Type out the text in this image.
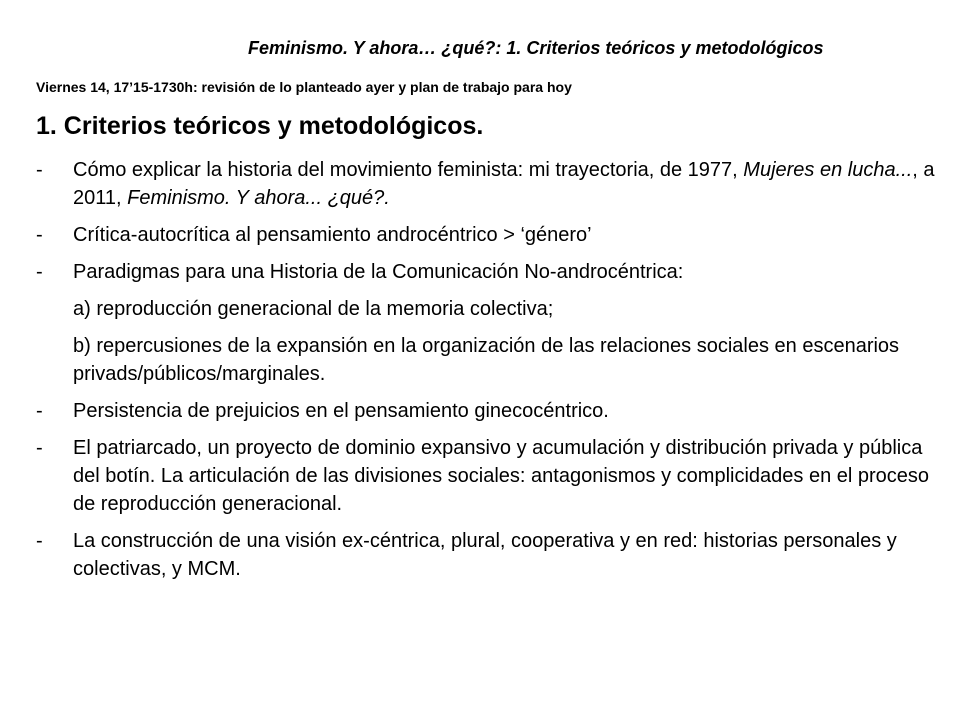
Feminismo. Y ahora… ¿qué?: 1. Criterios teóricos y metodológicos
Viernes 14, 17’15-1730h: revisión de lo planteado ayer y plan de trabajo para hoy
1. Criterios teóricos y metodológicos.
- Cómo explicar la historia del movimiento feminista: mi trayectoria, de 1977, Mujeres en lucha..., a 2011, Feminismo. Y ahora... ¿qué?.
- Crítica-autocrítica al pensamiento androcéntrico > ‘género’
- Paradigmas para una Historia de la Comunicación No-androcéntrica:
a) reproducción generacional de la memoria colectiva;
b) repercusiones de la expansión en la organización de las relaciones sociales en escenarios privads/públicos/marginales.
- Persistencia de prejuicios en el pensamiento ginecocéntrico.
- El patriarcado, un proyecto de dominio expansivo y acumulación y distribución privada y pública del botín. La articulación de las divisiones sociales: antagonismos y complicidades en el proceso de reproducción generacional.
- La construcción de una visión ex-céntrica, plural, cooperativa y en red: historias personales y colectivas, y MCM.
